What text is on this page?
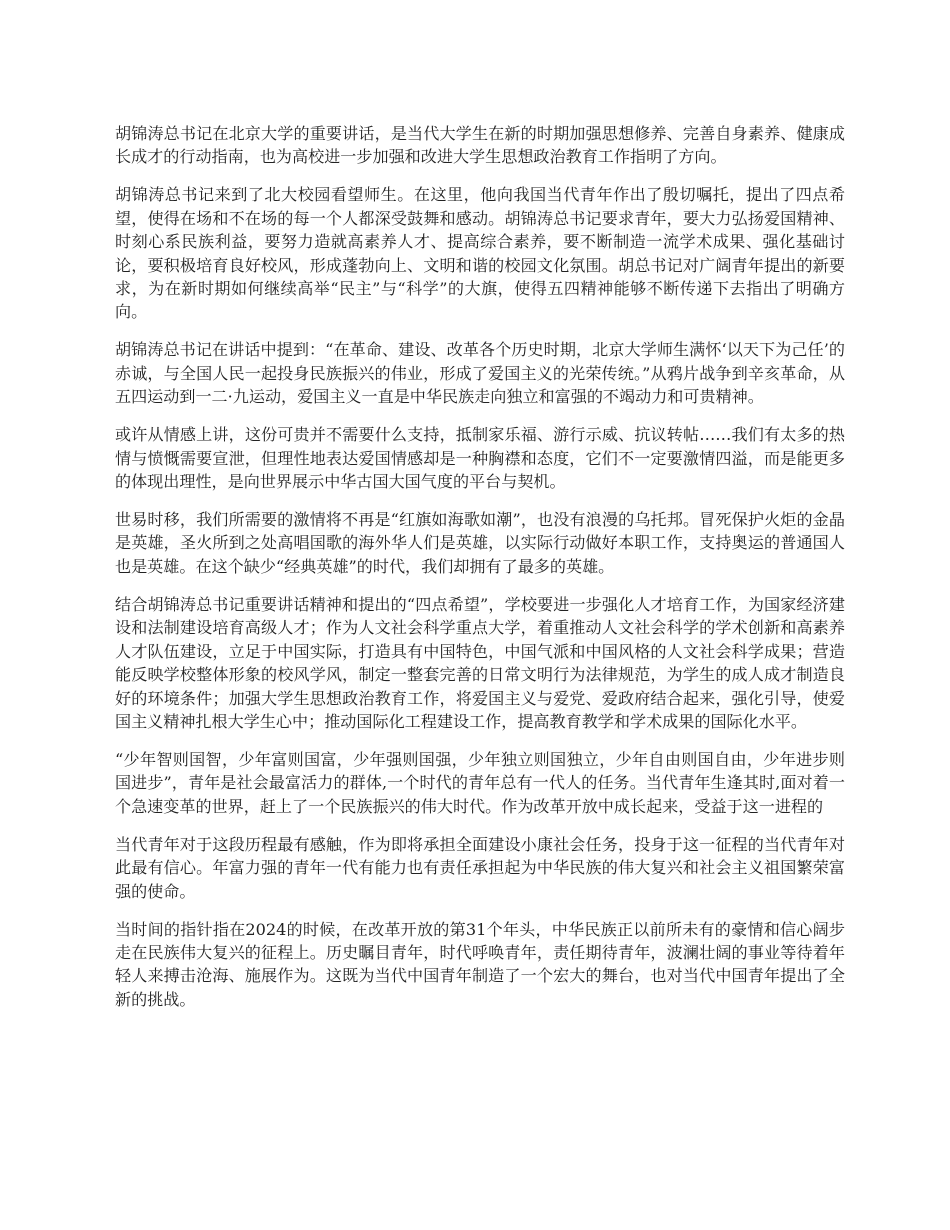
胡锦涛总书记在北京大学的重要讲话，是当代大学生在新的时期加强思想修养、完善自身素养、健康成长成才的行动指南，也为高校进一步加强和改进大学生思想政治教育工作指明了方向。

胡锦涛总书记来到了北大校园看望师生。在这里，他向我国当代青年作出了殷切嘱托，提出了四点希望，使得在场和不在场的每一个人都深受鼓舞和感动。胡锦涛总书记要求青年，要大力弘扬爱国精神、时刻心系民族利益，要努力造就高素养人才、提高综合素养，要不断制造一流学术成果、强化基础讨论，要积极培育良好校风，形成蓬勃向上、文明和谐的校园文化氛围。胡总书记对广阔青年提出的新要求，为在新时期如何继续高举“民主”与“科学”的大旗，使得五四精神能够不断传递下去指出了明确方向。

胡锦涛总书记在讲话中提到：“在革命、建设、改革各个历史时期，北京大学师生满怀‘以天下为己任’的赤诚，与全国人民一起投身民族振兴的伟业，形成了爱国主义的光荣传统。”从鸦片战争到辛亥革命，从五四运动到一二·九运动，爱国主义一直是中华民族走向独立和富强的不竭动力和可贵精神。

或许从情感上讲，这份可贵并不需要什么支持，抵制家乐福、游行示威、抗议转帖……我们有太多的热情与愤慨需要宣泄，但理性地表达爱国情感却是一种胸襟和态度，它们不一定要激情四溢，而是能更多的体现出理性，是向世界展示中华古国大国气度的平台与契机。

世易时移，我们所需要的激情将不再是“红旗如海歌如潮”，也没有浪漫的乌托邦。冒死保护火炬的金晶是英雄，圣火所到之处高唱国歌的海外华人们是英雄，以实际行动做好本职工作，支持奥运的普通国人也是英雄。在这个缺少“经典英雄”的时代，我们却拥有了最多的英雄。

结合胡锦涛总书记重要讲话精神和提出的“四点希望”，学校要进一步强化人才培育工作，为国家经济建设和法制建设培育高级人才；作为人文社会科学重点大学，着重推动人文社会科学的学术创新和高素养人才队伍建设，立足于中国实际，打造具有中国特色，中国气派和中国风格的人文社会科学成果；营造能反映学校整体形象的校风学风，制定一整套完善的日常文明行为法律规范，为学生的成人成才制造良好的环境条件；加强大学生思想政治教育工作，将爱国主义与爱党、爱政府结合起来，强化引导，使爱国主义精神扎根大学生心中；推动国际化工程建设工作，提高教育教学和学术成果的国际化水平。

“少年智则国智，少年富则国富，少年强则国强，少年独立则国独立，少年自由则国自由，少年进步则国进步”，青年是社会最富活力的群体,一个时代的青年总有一代人的任务。当代青年生逢其时,面对着一个急速变革的世界，赶上了一个民族振兴的伟大时代。作为改革开放中成长起来，受益于这一进程的

当代青年对于这段历程最有感触，作为即将承担全面建设小康社会任务，投身于这一征程的当代青年对此最有信心。年富力强的青年一代有能力也有责任承担起为中华民族的伟大复兴和社会主义祖国繁荣富强的使命。

当时间的指针指在2024的时候，在改革开放的第31个年头，中华民族正以前所未有的豪情和信心阔步走在民族伟大复兴的征程上。历史瞩目青年，时代呼唤青年，责任期待青年，波澜壮阔的事业等待着年轻人来搏击沧海、施展作为。这既为当代中国青年制造了一个宏大的舞台，也对当代中国青年提出了全新的挑战。
